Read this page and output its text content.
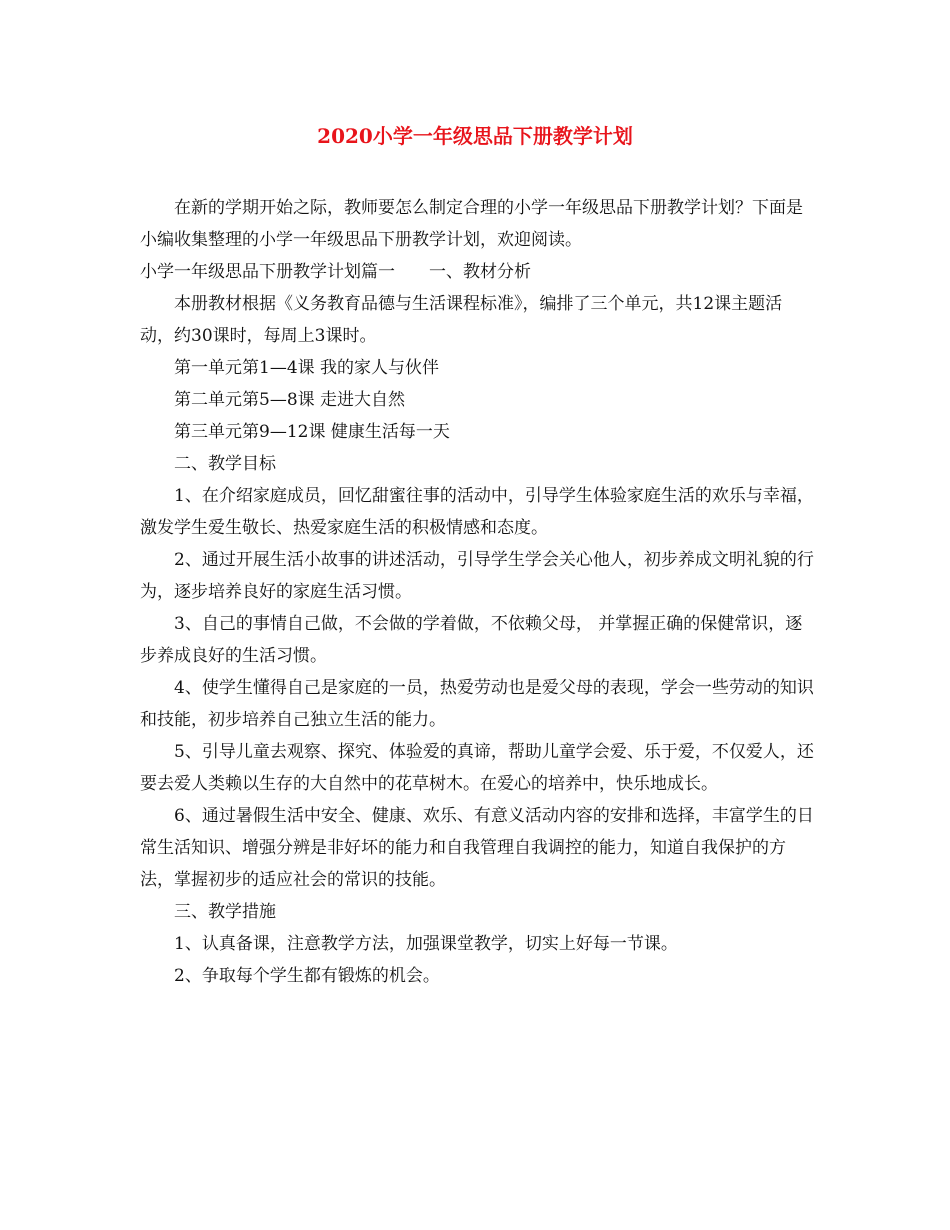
2020小学一年级思品下册教学计划

在新的学期开始之际，教师要怎么制定合理的小学一年级思品下册教学计划？下面是小编收集整理的小学一年级思品下册教学计划，欢迎阅读。

小学一年级思品下册教学计划篇一　　一、教材分析

本册教材根据《义务教育品德与生活课程标准》，编排了三个单元，共12课主题活动，约30课时，每周上3课时。

第一单元第1—4课 我的家人与伙伴

第二单元第5—8课 走进大自然

第三单元第9—12课 健康生活每一天

二、教学目标

1、在介绍家庭成员，回忆甜蜜往事的活动中，引导学生体验家庭生活的欢乐与幸福，激发学生爱生敬长、热爱家庭生活的积极情感和态度。

2、通过开展生活小故事的讲述活动，引导学生学会关心他人，初步养成文明礼貌的行为，逐步培养良好的家庭生活习惯。

3、自己的事情自己做，不会做的学着做，不依赖父母， 并掌握正确的保健常识，逐步养成良好的生活习惯。

4、使学生懂得自己是家庭的一员，热爱劳动也是爱父母的表现，学会一些劳动的知识和技能，初步培养自己独立生活的能力。

5、引导儿童去观察、探究、体验爱的真谛，帮助儿童学会爱、乐于爱，不仅爱人，还要去爱人类赖以生存的大自然中的花草树木。在爱心的培养中，快乐地成长。

6、通过暑假生活中安全、健康、欢乐、有意义活动内容的安排和选择，丰富学生的日常生活知识、增强分辨是非好坏的能力和自我管理自我调控的能力，知道自我保护的方法，掌握初步的适应社会的常识的技能。

三、教学措施

1、认真备课，注意教学方法，加强课堂教学，切实上好每一节课。

2、争取每个学生都有锻炼的机会。
